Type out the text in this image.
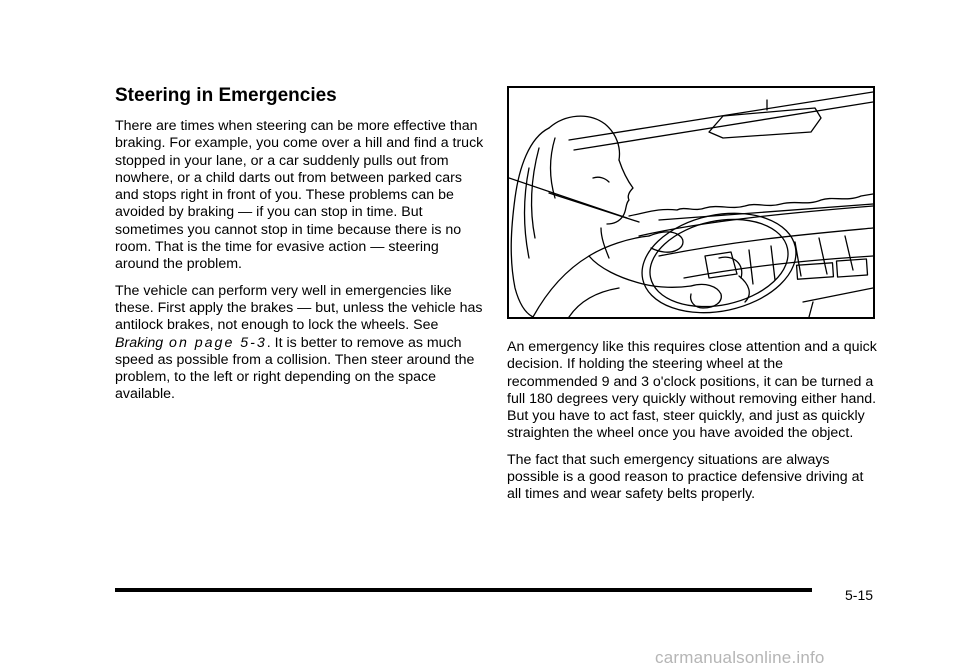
Steering in Emergencies

There are times when steering can be more effective than braking. For example, you come over a hill and find a truck stopped in your lane, or a car suddenly pulls out from nowhere, or a child darts out from between parked cars and stops right in front of you. These problems can be avoided by braking — if you can stop in time. But sometimes you cannot stop in time because there is no room. That is the time for evasive action — steering around the problem.

The vehicle can perform very well in emergencies like these. First apply the brakes — but, unless the vehicle has antilock brakes, not enough to lock the wheels. See Braking on page 5-3. It is better to remove as much speed as possible from a collision. Then steer around the problem, to the left or right depending on the space available.

An emergency like this requires close attention and a quick decision. If holding the steering wheel at the recommended 9 and 3 o'clock positions, it can be turned a full 180 degrees very quickly without removing either hand. But you have to act fast, steer quickly, and just as quickly straighten the wheel once you have avoided the object.

The fact that such emergency situations are always possible is a good reason to practice defensive driving at all times and wear safety belts properly.

5-15
carmanualsonline.info
